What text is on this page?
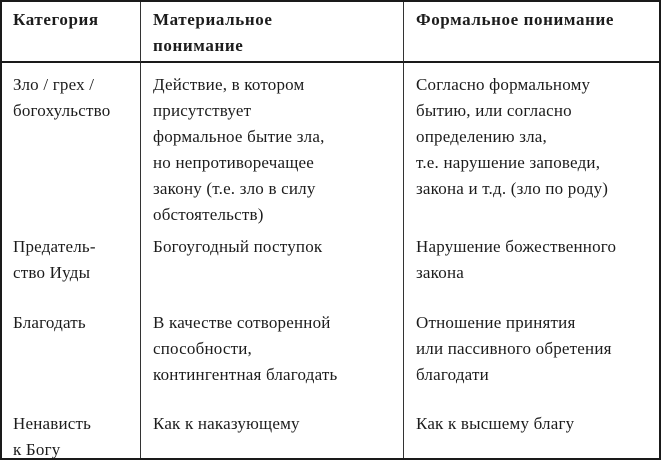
Категория	Материальное
понимание
Формальное понимание
Зло / грех /
богохульство
Предатель-
ство Иуды
Благодать
Ненависть
к Богу
Действие, в котором
присутствует
формальное бытие зла,
но непротиворечащее
закону (т.е. зло в силу
обстоятельств)
Богоугодный поступок
В качестве сотворенной
способности,
контингентная благодать
Как к наказующему
Согласно формальному
бытию, или согласно
определению зла,
т.е. нарушение заповеди,
закона и т.д. (зло по роду)
Нарушение божественного
закона
Отношение принятия
или пассивного обретения
благодати
Как к высшему благу
